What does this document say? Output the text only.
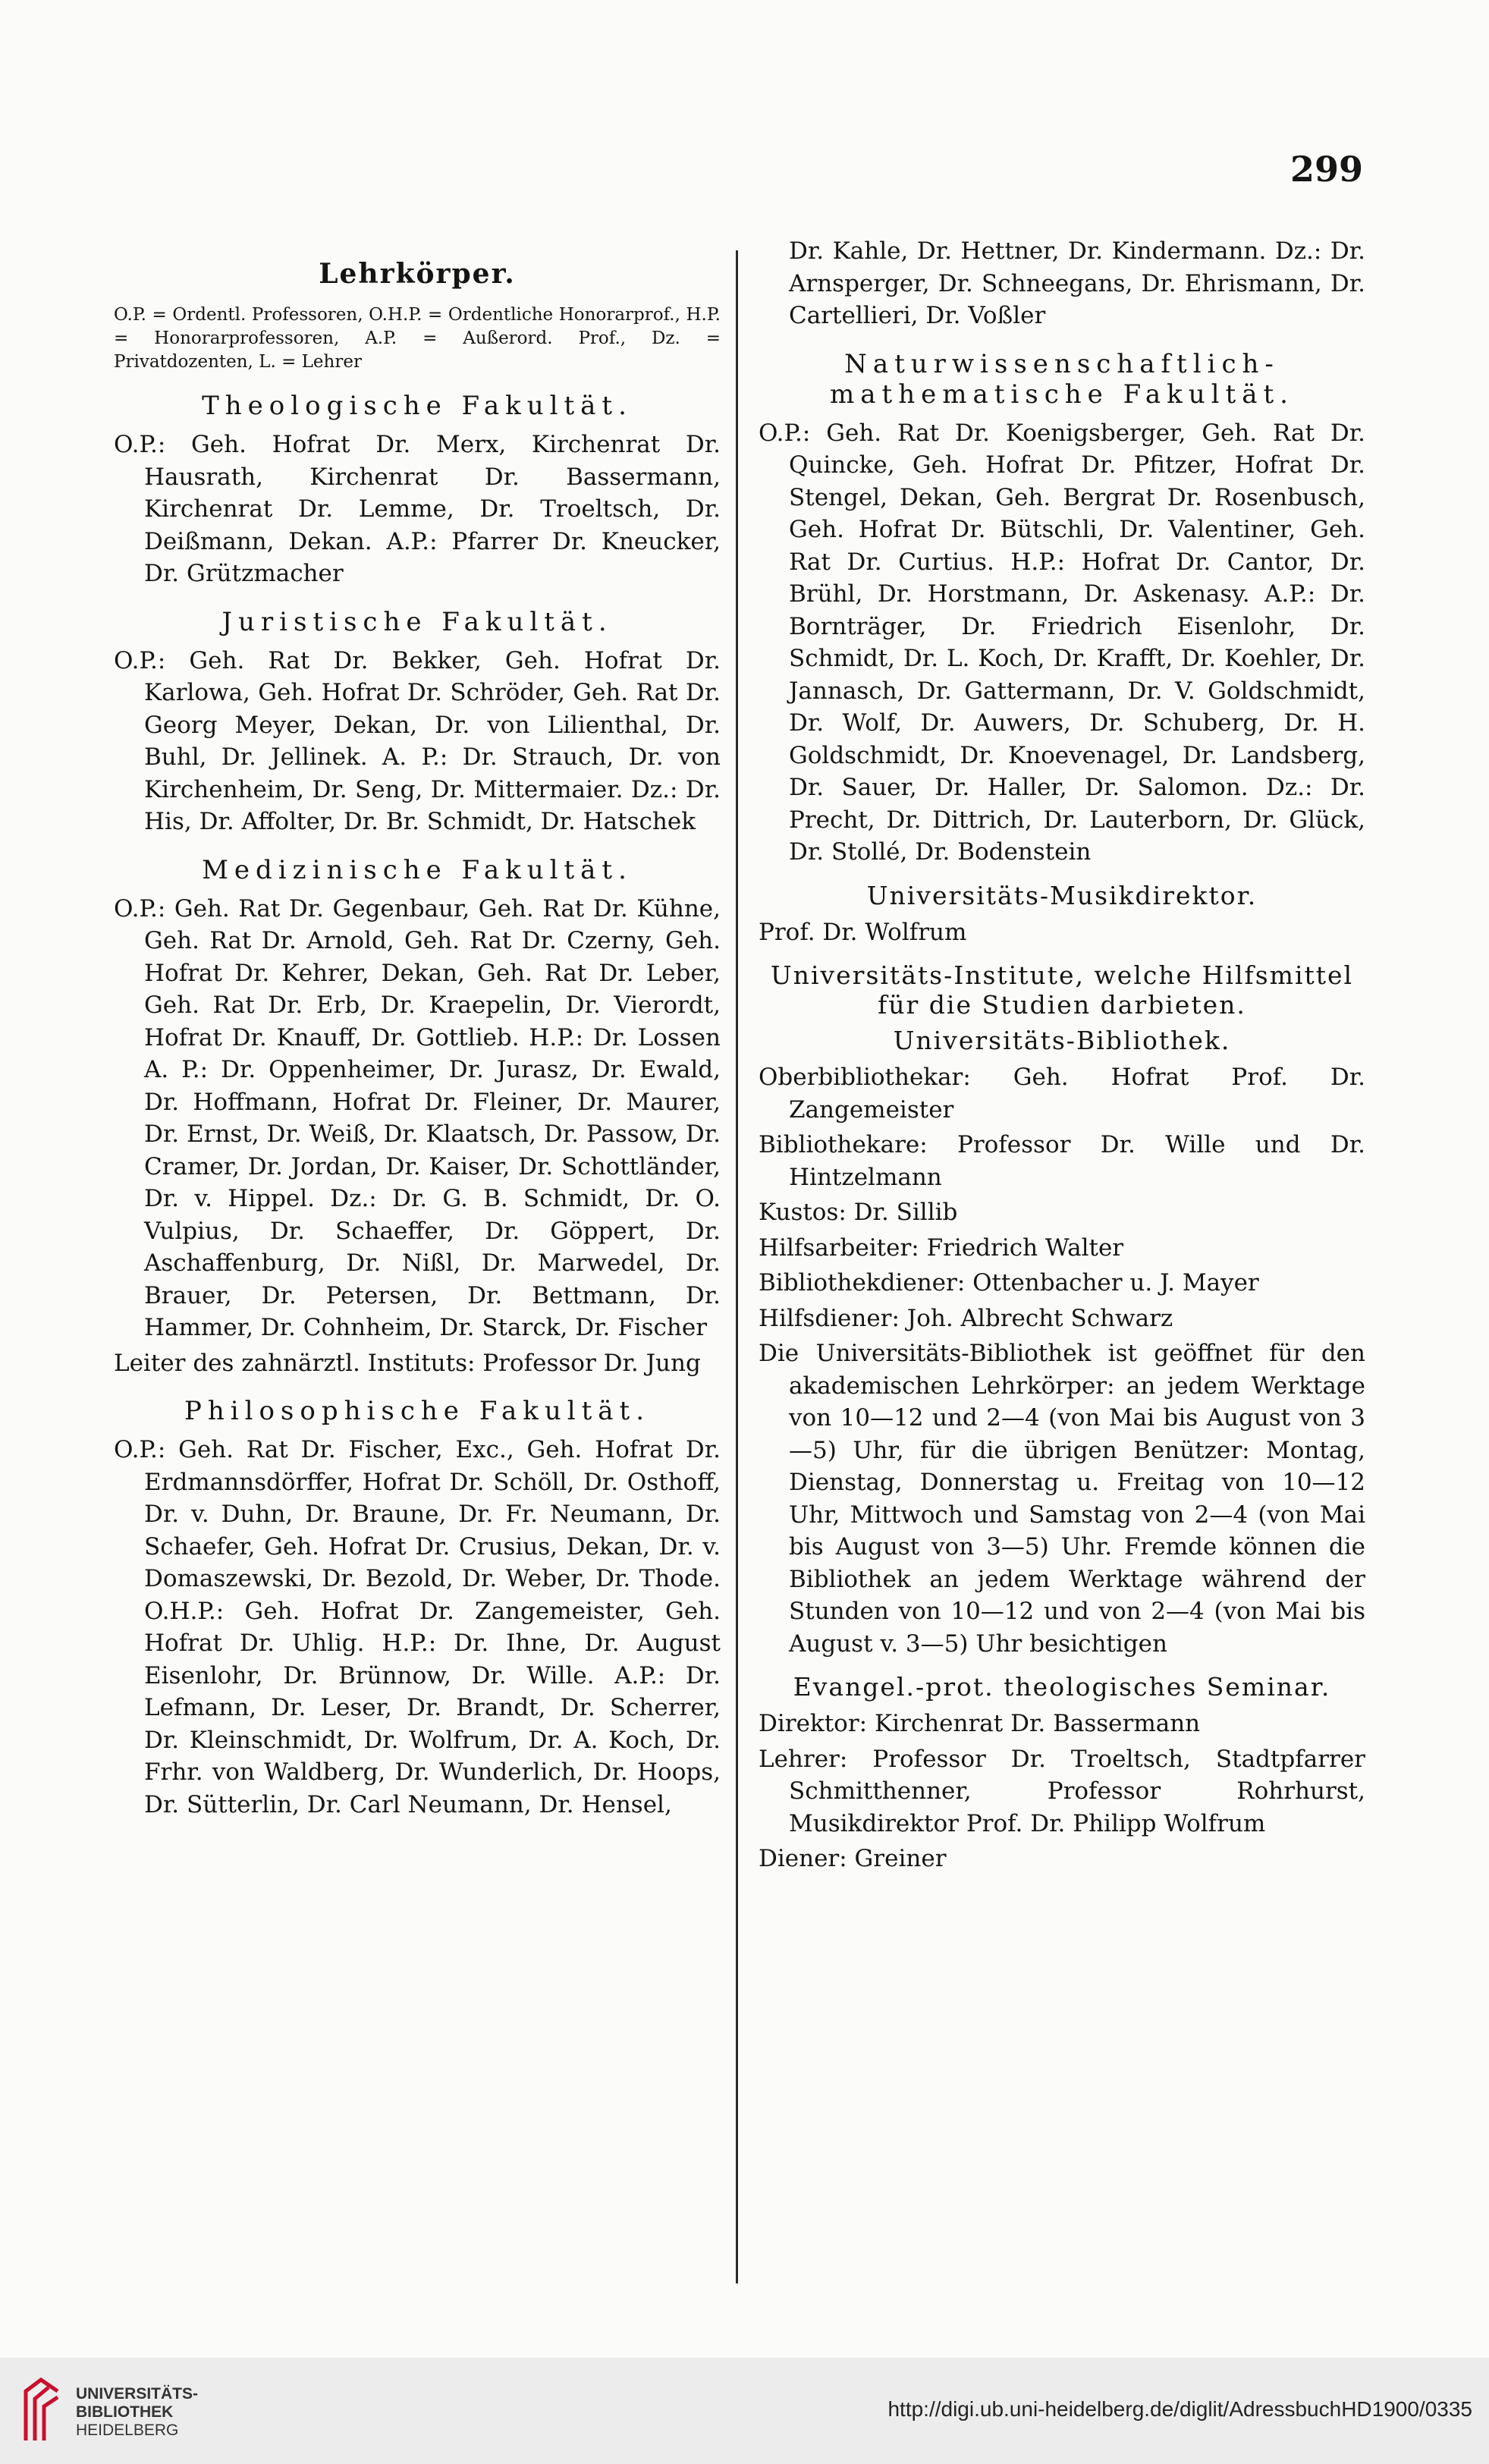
299
Lehrkörper.
O.P. = Ordentl. Professoren, O.H.P. = Ordentliche Honorarprof., H.P. = Honorarprofessoren, A.P. = Außerord. Prof., Dz. = Privatdozenten, L. = Lehrer
Theologische Fakultät.

O.P.: Geh. Hofrat Dr. Merx, Kirchenrat Dr. Hausrath, Kirchenrat Dr. Bassermann, Kirchenrat Dr. Lemme, Dr. Troeltsch, Dr. Deißmann, Dekan. A.P.: Pfarrer Dr. Kneucker, Dr. Grützmacher

Juristische Fakultät.

O.P.: Geh. Rat Dr. Bekker, Geh. Hofrat Dr. Karlowa, Geh. Hofrat Dr. Schröder, Geh. Rat Dr. Georg Meyer, Dekan, Dr. von Lilienthal, Dr. Buhl, Dr. Jellinek. A. P.: Dr. Strauch, Dr. von Kirchenheim, Dr. Seng, Dr. Mittermaier. Dz.: Dr. His, Dr. Affolter, Dr. Br. Schmidt, Dr. Hatschek

Medizinische Fakultät.

O.P.: Geh. Rat Dr. Gegenbaur, Geh. Rat Dr. Kühne, Geh. Rat Dr. Arnold, Geh. Rat Dr. Czerny, Geh. Hofrat Dr. Kehrer, Dekan, Geh. Rat Dr. Leber, Geh. Rat Dr. Erb, Dr. Kraepelin, Dr. Vierordt, Hofrat Dr. Knauff, Dr. Gottlieb. H.P.: Dr. Lossen A. P.: Dr. Oppenheimer, Dr. Jurasz, Dr. Ewald, Dr. Hoffmann, Hofrat Dr. Fleiner, Dr. Maurer, Dr. Ernst, Dr. Weiß, Dr. Klaatsch, Dr. Passow, Dr. Cramer, Dr. Jordan, Dr. Kaiser, Dr. Schottländer, Dr. v. Hippel. Dz.: Dr. G. B. Schmidt, Dr. O. Vulpius, Dr. Schaeffer, Dr. Göppert, Dr. Aschaffenburg, Dr. Nißl, Dr. Marwedel, Dr. Brauer, Dr. Petersen, Dr. Bettmann, Dr. Hammer, Dr. Cohnheim, Dr. Starck, Dr. Fischer

Leiter des zahnärztl. Instituts: Professor Dr. Jung

Philosophische Fakultät.

O.P.: Geh. Rat Dr. Fischer, Exc., Geh. Hofrat Dr. Erdmannsdörffer, Hofrat Dr. Schöll, Dr. Osthoff, Dr. v. Duhn, Dr. Braune, Dr. Fr. Neumann, Dr. Schaefer, Geh. Hofrat Dr. Crusius, Dekan, Dr. v. Domaszewski, Dr. Bezold, Dr. Weber, Dr. Thode. O.H.P.: Geh. Hofrat Dr. Zangemeister, Geh. Hofrat Dr. Uhlig. H.P.: Dr. Ihne, Dr. August Eisenlohr, Dr. Brünnow, Dr. Wille. A.P.: Dr. Lefmann, Dr. Leser, Dr. Brandt, Dr. Scherrer, Dr. Kleinschmidt, Dr. Wolfrum, Dr. A. Koch, Dr. Frhr. von Waldberg, Dr. Wunderlich, Dr. Hoops, Dr. Sütterlin, Dr. Carl Neumann, Dr. Hensel,

Dr. Kahle, Dr. Hettner, Dr. Kindermann. Dz.: Dr. Arnsperger, Dr. Schneegans, Dr. Ehrismann, Dr. Cartellieri, Dr. Voßler

Naturwissenschaftlich-mathematische Fakultät.

O.P.: Geh. Rat Dr. Koenigsberger, Geh. Rat Dr. Quincke, Geh. Hofrat Dr. Pfitzer, Hofrat Dr. Stengel, Dekan, Geh. Bergrat Dr. Rosenbusch, Geh. Hofrat Dr. Bütschli, Dr. Valentiner, Geh. Rat Dr. Curtius. H.P.: Hofrat Dr. Cantor, Dr. Brühl, Dr. Horstmann, Dr. Askenasy. A.P.: Dr. Bornträger, Dr. Friedrich Eisenlohr, Dr. Schmidt, Dr. L. Koch, Dr. Krafft, Dr. Koehler, Dr. Jannasch, Dr. Gattermann, Dr. V. Goldschmidt, Dr. Wolf, Dr. Auwers, Dr. Schuberg, Dr. H. Goldschmidt, Dr. Knoevenagel, Dr. Landsberg, Dr. Sauer, Dr. Haller, Dr. Salomon. Dz.: Dr. Precht, Dr. Dittrich, Dr. Lauterborn, Dr. Glück, Dr. Stollé, Dr. Bodenstein

Universitäts-Musikdirektor.

Prof. Dr. Wolfrum

Universitäts-Institute, welche Hilfsmittel für die Studien darbieten.
Universitäts-Bibliothek.

Oberbibliothekar: Geh. Hofrat Prof. Dr. Zangemeister

Bibliothekare: Professor Dr. Wille und Dr. Hintzelmann

Kustos: Dr. Sillib

Hilfsarbeiter: Friedrich Walter

Bibliothekdiener: Ottenbacher u. J. Mayer

Hilfsdiener: Joh. Albrecht Schwarz

Die Universitäts-Bibliothek ist geöffnet für den akademischen Lehrkörper: an jedem Werktage von 10—12 und 2—4 (von Mai bis August von 3—5) Uhr, für die übrigen Benützer: Montag, Dienstag, Donnerstag u. Freitag von 10—12 Uhr, Mittwoch und Samstag von 2—4 (von Mai bis August von 3—5) Uhr. Fremde können die Bibliothek an jedem Werktage während der Stunden von 10—12 und von 2—4 (von Mai bis August v. 3—5) Uhr besichtigen

Evangel.-prot. theologisches Seminar.

Direktor: Kirchenrat Dr. Bassermann

Lehrer: Professor Dr. Troeltsch, Stadtpfarrer Schmitthenner, Professor Rohrhurst, Musikdirektor Prof. Dr. Philipp Wolfrum

Diener: Greiner

UNIVERSITÄTS-
BIBLIOTHEK
HEIDELBERG
http://digi.ub.uni-heidelberg.de/diglit/AdressbuchHD1900/0335
